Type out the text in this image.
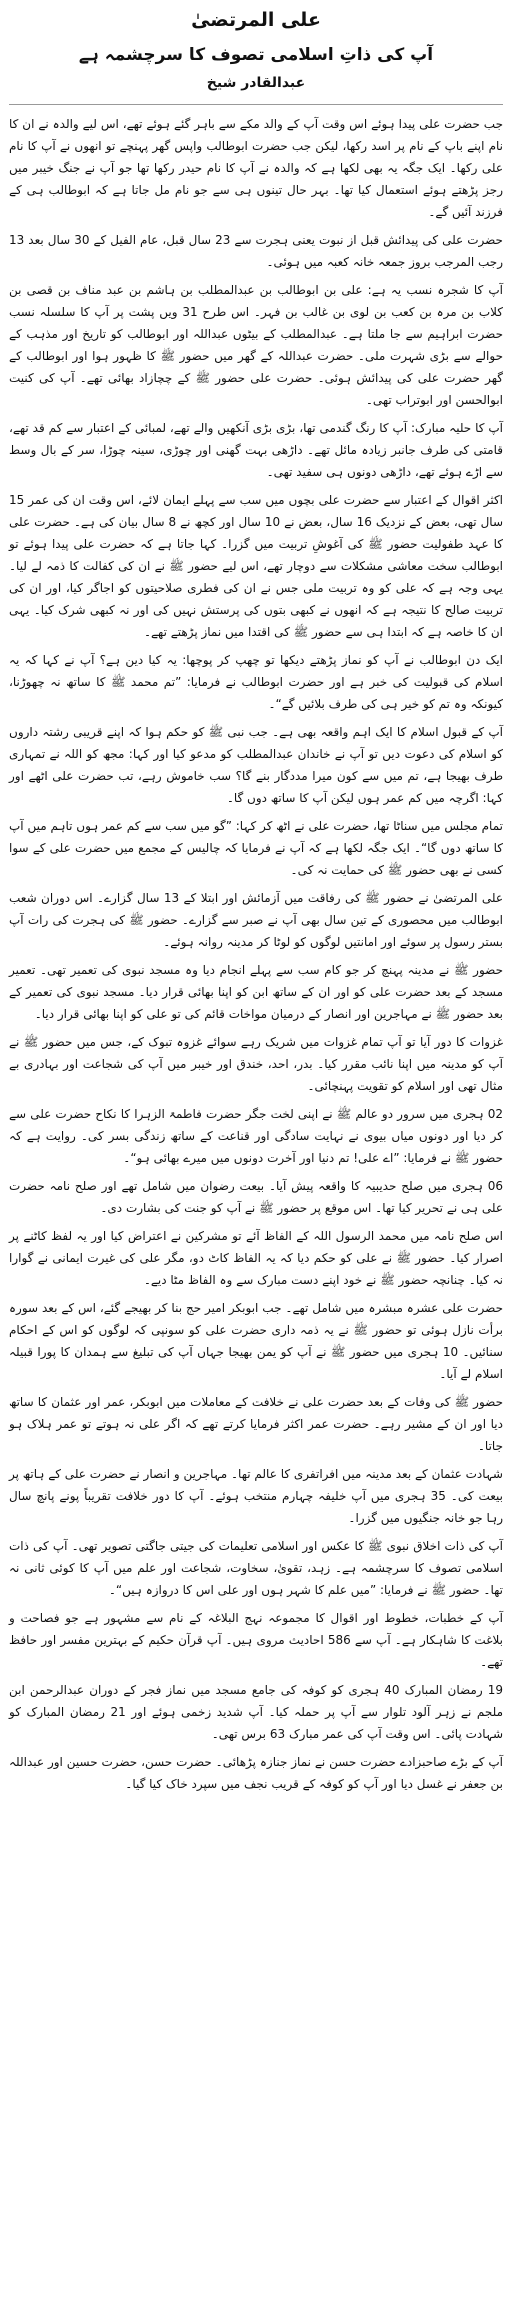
علی المرتضیٰ
آپ کی ذاتِ اسلامی تصوف کا سرچشمہ ہے
عبدالقادر شیخ

جب حضرت علی پیدا ہوئے اس وقت آپ کے والد مکے سے باہر گئے ہوئے تھے، اس لیے والدہ نے ان کا نام اپنے باپ کے نام پر اسد رکھا، لیکن جب حضرت ابوطالب واپس گھر پہنچے تو انھوں نے آپ کا نام علی رکھا۔ ایک جگہ یہ بھی لکھا ہے کہ والدہ نے آپ کا نام حیدر رکھا تھا جو آپ نے جنگ خیبر میں رجز پڑھتے ہوئے استعمال کیا تھا۔ بہر حال تینوں ہی سے جو نام مل جاتا ہے کہ ابوطالب ہی کے فرزند آئیں گے۔

حضرت علی کی پیدائش قبل از نبوت یعنی ہجرت سے 23 سال قبل، عام الفیل کے 30 سال بعد 13 رجب المرجب بروز جمعہ خانہ کعبہ میں ہوئی۔

آپ کا شجرہ نسب یہ ہے: علی بن ابوطالب بن عبدالمطلب بن ہاشم بن عبد مناف بن قصی بن کلاب بن مرہ بن کعب بن لوی بن غالب بن فہر۔ اس طرح 31 ویں پشت پر آپ کا سلسلہ نسب حضرت ابراہیم سے جا ملتا ہے۔ عبدالمطلب کے بیٹوں عبداللہ اور ابوطالب کو تاریخ اور مذہب کے حوالے سے بڑی شہرت ملی۔ حضرت عبداللہ کے گھر میں حضور ﷺ کا ظہور ہوا اور ابوطالب کے گھر حضرت علی کی پیدائش ہوئی۔ حضرت علی حضور ﷺ کے چچازاد بھائی تھے۔ آپ کی کنیت ابوالحسن اور ابوتراب تھی۔

آپ کا حلیہ مبارک: آپ کا رنگ گندمی تھا، بڑی بڑی آنکھیں والے تھے، لمبائی کے اعتبار سے کم قد تھے، قامتی کی طرف جانبر زیادہ مائل تھے۔ داڑھی بہت گھنی اور چوڑی، سینہ چوڑا، سر کے بال وسط سے اڑے ہوئے تھے، داڑھی دونوں ہی سفید تھی۔

اکثر اقوال کے اعتبار سے حضرت علی بچوں میں سب سے پہلے ایمان لائے، اس وقت ان کی عمر 15 سال تھی، بعض کے نزدیک 16 سال، بعض نے 10 سال اور کچھ نے 8 سال بیان کی ہے۔ حضرت علی کا عہد طفولیت حضور ﷺ کی آغوشِ تربیت میں گزرا۔ کہا جاتا ہے کہ حضرت علی پیدا ہوئے تو ابوطالب سخت معاشی مشکلات سے دوچار تھے، اس لیے حضور ﷺ نے ان کی کفالت کا ذمہ لے لیا۔ یہی وجہ ہے کہ علی کو وہ تربیت ملی جس نے ان کی فطری صلاحیتوں کو اجاگر کیا، اور ان کی تربیت صالح کا نتیجہ ہے کہ انھوں نے کبھی بتوں کی پرستش نہیں کی اور نہ کبھی شرک کیا۔ یہی ان کا خاصہ ہے کہ ابتدا ہی سے حضور ﷺ کی اقتدا میں نماز پڑھتے تھے۔

ایک دن ابوطالب نے آپ کو نماز پڑھتے دیکھا تو چھپ کر پوچھا: یہ کیا دین ہے؟ آپ نے کہا کہ یہ اسلام کی قبولیت کی خبر ہے اور حضرت ابوطالب نے فرمایا: ”تم محمد ﷺ کا ساتھ نہ چھوڑنا، کیونکہ وہ تم کو خیر ہی کی طرف بلائیں گے“۔

آپ کے قبول اسلام کا ایک اہم واقعہ بھی ہے۔ جب نبی ﷺ کو حکم ہوا کہ اپنے قریبی رشتہ داروں کو اسلام کی دعوت دیں تو آپ نے خاندان عبدالمطلب کو مدعو کیا اور کہا: مجھ کو اللہ نے تمہاری طرف بھیجا ہے، تم میں سے کون میرا مددگار بنے گا؟ سب خاموش رہے، تب حضرت علی اٹھے اور کہا: اگرچہ میں کم عمر ہوں لیکن آپ کا ساتھ دوں گا۔

تمام مجلس میں سناٹا تھا، حضرت علی نے اٹھ کر کہا: ”گو میں سب سے کم عمر ہوں تاہم میں آپ کا ساتھ دوں گا“۔ ایک جگہ لکھا ہے کہ آپ نے فرمایا کہ چالیس کے مجمع میں حضرت علی کے سوا کسی نے بھی حضور ﷺ کی حمایت نہ کی۔

علی المرتضیٰ نے حضور ﷺ کی رفاقت میں آزمائش اور ابتلا کے 13 سال گزارے۔ اس دوران شعب ابوطالب میں محصوری کے تین سال بھی آپ نے صبر سے گزارے۔ حضور ﷺ کی ہجرت کی رات آپ بستر رسول پر سوئے اور امانتیں لوگوں کو لوٹا کر مدینہ روانہ ہوئے۔

حضور ﷺ نے مدینہ پہنچ کر جو کام سب سے پہلے انجام دیا وہ مسجد نبوی کی تعمیر تھی۔ تعمیر مسجد کے بعد حضرت علی کو اور ان کے ساتھ ابن کو اپنا بھائی قرار دیا۔ مسجد نبوی کی تعمیر کے بعد حضور ﷺ نے مہاجرین اور انصار کے درمیان مواخات قائم کی تو علی کو اپنا بھائی قرار دیا۔

غزوات کا دور آیا تو آپ تمام غزوات میں شریک رہے سوائے غزوہ تبوک کے، جس میں حضور ﷺ نے آپ کو مدینہ میں اپنا نائب مقرر کیا۔ بدر، احد، خندق اور خیبر میں آپ کی شجاعت اور بہادری بے مثال تھی اور اسلام کو تقویت پہنچائی۔

02 ہجری میں سرور دو عالم ﷺ نے اپنی لخت جگر حضرت فاطمۃ الزہرا کا نکاح حضرت علی سے کر دیا اور دونوں میاں بیوی نے نہایت سادگی اور قناعت کے ساتھ زندگی بسر کی۔ روایت ہے کہ حضور ﷺ نے فرمایا: ”اے علی! تم دنیا اور آخرت دونوں میں میرے بھائی ہو“۔

06 ہجری میں صلح حدیبیہ کا واقعہ پیش آیا۔ بیعت رضوان میں شامل تھے اور صلح نامہ حضرت علی ہی نے تحریر کیا تھا۔ اس موقع پر حضور ﷺ نے آپ کو جنت کی بشارت دی۔

اس صلح نامہ میں محمد الرسول اللہ کے الفاظ آئے تو مشرکین نے اعتراض کیا اور یہ لفظ کاٹنے پر اصرار کیا۔ حضور ﷺ نے علی کو حکم دیا کہ یہ الفاظ کاٹ دو، مگر علی کی غیرت ایمانی نے گوارا نہ کیا۔ چنانچہ حضور ﷺ نے خود اپنے دست مبارک سے وہ الفاظ مٹا دیے۔

حضرت علی عشرہ مبشرہ میں شامل تھے۔ جب ابوبکر امیر حج بنا کر بھیجے گئے، اس کے بعد سورہ برأت نازل ہوئی تو حضور ﷺ نے یہ ذمہ داری حضرت علی کو سونپی کہ لوگوں کو اس کے احکام سنائیں۔ 10 ہجری میں حضور ﷺ نے آپ کو یمن بھیجا جہاں آپ کی تبلیغ سے ہمدان کا پورا قبیلہ اسلام لے آیا۔

حضور ﷺ کی وفات کے بعد حضرت علی نے خلافت کے معاملات میں ابوبکر، عمر اور عثمان کا ساتھ دیا اور ان کے مشیر رہے۔ حضرت عمر اکثر فرمایا کرتے تھے کہ اگر علی نہ ہوتے تو عمر ہلاک ہو جاتا۔

شہادت عثمان کے بعد مدینہ میں افراتفری کا عالم تھا۔ مہاجرین و انصار نے حضرت علی کے ہاتھ پر بیعت کی۔ 35 ہجری میں آپ خلیفہ چہارم منتخب ہوئے۔ آپ کا دور خلافت تقریباً پونے پانچ سال رہا جو خانہ جنگیوں میں گزرا۔

آپ کی ذات اخلاق نبوی ﷺ کا عکس اور اسلامی تعلیمات کی جیتی جاگتی تصویر تھی۔ آپ کی ذات اسلامی تصوف کا سرچشمہ ہے۔ زہد، تقویٰ، سخاوت، شجاعت اور علم میں آپ کا کوئی ثانی نہ تھا۔ حضور ﷺ نے فرمایا: ”میں علم کا شہر ہوں اور علی اس کا دروازہ ہیں“۔

آپ کے خطبات، خطوط اور اقوال کا مجموعہ نہج البلاغہ کے نام سے مشہور ہے جو فصاحت و بلاغت کا شاہکار ہے۔ آپ سے 586 احادیث مروی ہیں۔ آپ قرآن حکیم کے بہترین مفسر اور حافظ تھے۔

19 رمضان المبارک 40 ہجری کو کوفہ کی جامع مسجد میں نماز فجر کے دوران عبدالرحمن ابن ملجم نے زہر آلود تلوار سے آپ پر حملہ کیا۔ آپ شدید زخمی ہوئے اور 21 رمضان المبارک کو شہادت پائی۔ اس وقت آپ کی عمر مبارک 63 برس تھی۔

آپ کے بڑے صاحبزادے حضرت حسن نے نماز جنازہ پڑھائی۔ حضرت حسن، حضرت حسین اور عبداللہ بن جعفر نے غسل دیا اور آپ کو کوفہ کے قریب نجف میں سپرد خاک کیا گیا۔
